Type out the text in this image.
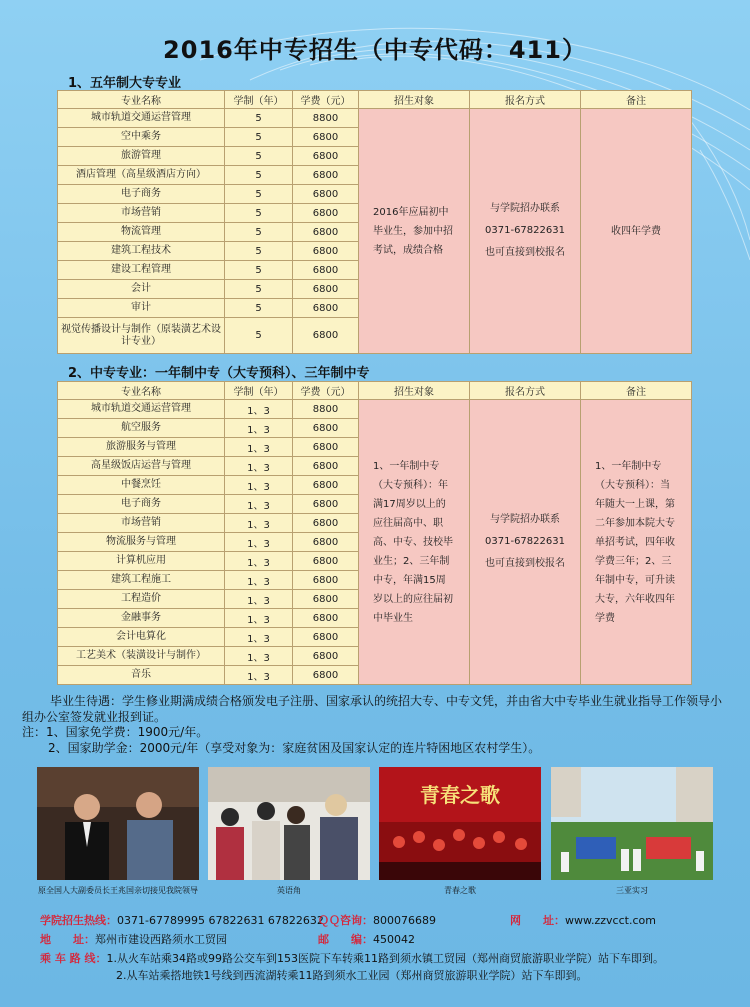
2016年中专招生（中专代码：411）
1、五年制大专专业
专业名称	学制（年）	学费（元）	招生对象	报名方式	备注
城市轨道交通运营管理	5	8800	2016年应届初中毕业生，参加中招考试，成绩合格	与学院招办联系
0371-67822631
也可直接到校报名	收四年学费

空中乘务	5	6800			
旅游管理	5	6800			
酒店管理（高星级酒店方向）	5	6800			
电子商务	5	6800			
市场营销	5	6800			
物流管理	5	6800			
建筑工程技术	5	6800			
建设工程管理	5	6800			
会计	5	6800			
审计	5	6800			
视觉传播设计与制作（原装潢艺术设计专业）	5	6800			
2、中专专业：一年制中专（大专预科）、三年制中专
专业名称	学制（年）	学费（元）	招生对象	报名方式	备注
城市轨道交通运营管理	1、3	8800	1、一年制中专（大专预科）：年满17周岁以上的应往届高中、职高、中专、技校毕业生；2、三年制中专，年满15周岁以上的应往届初中毕业生	与学院招办联系
0371-67822631
也可直接到校报名	1、一年制中专（大专预科）：当年随大一上课，第二年参加本院大专单招考试，四年收学费三年；2、三年制中专，可升读大专，六年收四年学费

航空服务	1、3	6800			
旅游服务与管理	1、3	6800			
高星级饭店运营与管理	1、3	6800			
中餐烹饪	1、3	6800			
电子商务	1、3	6800			
市场营销	1、3	6800			
物流服务与管理	1、3	6800			
计算机应用	1、3	6800			
建筑工程施工	1、3	6800			
工程造价	1、3	6800			
金融事务	1、3	6800			
会计电算化	1、3	6800			
工艺美术（装潢设计与制作）	1、3	6800			
音乐	1、3	6800			

毕业生待遇：学生修业期满成绩合格颁发电子注册、国家承认的统招大专、中专文凭，并由省大中专毕业生就业指导工作领导小组办公室签发就业报到证。

注：1、国家免学费：1900元/年。

2、国家助学金：2000元/年（享受对象为：家庭贫困及国家认定的连片特困地区农村学生）。

原全国人大副委员长王兆国亲切接见我院领导	英语角
青春之歌
青春之歌	三亚实习
学院招生热线：0371-67789995 67822631 67822632
ＱＱ咨询：800076689	网　　址：www.zzvcct.com
地　　址：郑州市建设西路须水工贸园	邮　　编：450042
乘 车 路 线：1.从火车站乘34路或99路公交车到153医院下车转乘11路到须水镇工贸园（郑州商贸旅游职业学院）站下车即到。
2.从车站乘搭地铁1号线到西流湖转乘11路到须水工业园（郑州商贸旅游职业学院）站下车即到。
